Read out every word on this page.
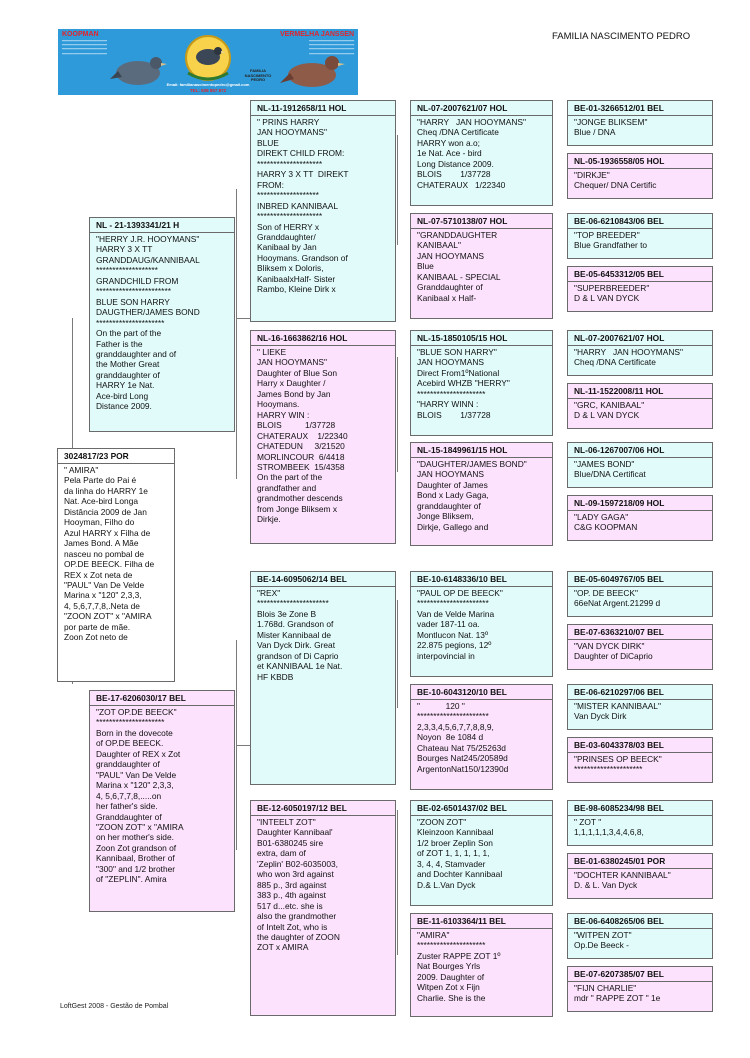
KOOPMAN
━━━━━━━━━━━━━━━━━━━━━━
━━━━━━━━━━━━━━━━━━━━━━
━━━━━━━━━━━━━━━━━━━━━━
━━━━━━━━━━━━━━━━━━━━━━
VERMELHA JANSSEN
━━━━━━━━━━━━━━━━━━━━━━
━━━━━━━━━━━━━━━━━━━━━━
━━━━━━━━━━━━━━━━━━━━━━
━━━━━━━━━━━━━━━━━━━━━━
FAMILIA
NASCIMENTO
PEDRO
Email: familianascimentopedro@gmail.com
TEL: 939 857 872
FAMILIA NASCIMENTO PEDRO
3024817/23 POR
" AMIRA"
Pela Parte do Pai é
da linha do HARRY 1e
Nat. Ace-bird Longa
Distância 2009 de Jan
Hooyman, Filho do
Azul HARRY x Filha de
James Bond. A Mãe
nasceu no pombal de
OP.DE BEECK. Filha de
REX x Zot neta de
"PAUL" Van De Velde
Marina x "120" 2,3,3,
4, 5,6,7,7,8,.Neta de
"ZOON ZOT" x "AMIRA
por parte de mãe.
Zoon Zot neto de
NL - 21-1393341/21 H
"HERRY J.R. HOOYMANS"
HARRY 3 X TT
GRANDDAUG/KANNIBAAL
*******************
GRANDCHILD FROM
***********************
BLUE SON HARRY
DAUGTHER/JAMES BOND
*********************
On the part of the
Father is the
granddaughter and of
the Mother Great
granddaughter of
HARRY 1e Nat.
Ace-bird Long
Distance 2009.
BE-17-6206030/17 BEL
"ZOT OP.DE BEECK"
*********************
Born in the dovecote
of OP.DE BEECK.
Daughter of REX x Zot
granddaughter of
"PAUL" Van De Velde
Marina x "120" 2,3,3,
4, 5,6,7,7,8,.....on
her father's side.
Granddaughter of
"ZOON ZOT" x "AMIRA
on her mother's side.
Zoon Zot grandson of
Kannibaal, Brother of
"300" and 1/2 brother
of "ZEPLIN". Amira
NL-11-1912658/11 HOL
" PRINS HARRY
JAN HOOYMANS"
BLUE
DIREKT CHILD FROM:
********************
HARRY 3 X TT  DIREKT
FROM:
*******************
INBRED KANNIBAAL
********************
Son of HERRY x
Granddaughter/
Kanibaal by Jan
Hooymans. Grandson of
Bliksem x Doloris,
KanibaalxHalf- Sister
Rambo, Kleine Dirk x
NL-16-1663862/16 HOL
" LIEKE
JAN HOOYMANS"
Daughter of Blue Son
Harry x Daughter /
James Bond by Jan
Hooymans.
HARRY WIN :
BLOIS          1/37728
CHATERAUX    1/22340
CHATEDUN     3/21520
MORLINCOUR  6/4418
STROMBEEK  15/4358
On the part of the
grandfather and
grandmother descends
from Jonge Bliksem x
Dirkje.
BE-14-6095062/14 BEL
"REX"
**********************
Blois 3e Zone B
1.768d. Grandson of
Mister Kannibaal de
Van Dyck Dirk. Great
grandson of Di Caprio
et KANNIBAAL 1e Nat.
HF KBDB
BE-12-6050197/12 BEL
"INTEELT ZOT"
Daughter Kannibaal'
B01-6380245 sire
extra, dam of
'Zeplin' B02-6035003,
who won 3rd against
885 p., 3rd against
383 p., 4th against
517 d...etc. she is
also the grandmother
of Intelt Zot, who is
the daughter of ZOON
ZOT x AMIRA
NL-07-2007621/07 HOL
"HARRY   JAN HOOYMANS"
Cheq /DNA Certificate
HARRY won a.o;
1e Nat. Ace - bird
Long Distance 2009.
BLOIS        1/37728
CHATERAUX   1/22340
NL-07-5710138/07 HOL
"GRANDDAUGHTER
KANIBAAL"
JAN HOOYMANS
Blue
KANIBAAL - SPECIAL
Granddaughter of
Kanibaal x Half-
NL-15-1850105/15 HOL
"BLUE SON HARRY"
JAN HOOYMANS
Direct From1ºNational
Acebird WHZB "HERRY"
*********************
"HARRY WINN :
BLOIS        1/37728
NL-15-1849961/15 HOL
"DAUGHTER/JAMES BOND"
JAN HOOYMANS
Daughter of James
Bond x Lady Gaga,
granddaughter of
Jonge Bliksem,
Dirkje, Gallego and
BE-10-6148336/10 BEL
"PAUL OP DE BEECK"
**********************
Van de Velde Marina
vader 187-11 oa.
Montlucon Nat. 13º
22.875 pegions, 12º
interpovincial in
BE-10-6043120/10 BEL
"           120 "
**********************
2,3,3,4,5,6,7,7,8,8,9,
Noyon  8e 1084 d
Chateau Nat 75/25263d
Bourges Nat245/20589d
ArgentonNat150/12390d
BE-02-6501437/02 BEL
"ZOON ZOT"
Kleinzoon Kannibaal
1/2 broer Zeplin Son
of ZOT 1, 1, 1, 1, 1,
3, 4, 4, Stamvader
and Dochter Kannibaal
D.& L.Van Dyck
BE-11-6103364/11 BEL
"AMIRA"
*********************
Zuster RAPPE ZOT 1º
Nat Bourges Yrls
2009. Daughter of
Witpen Zot x Fijn
Charlie. She is the
BE-01-3266512/01 BEL
"JONGE BLIKSEM"
Blue / DNA
NL-05-1936558/05 HOL
"DIRKJE"
Chequer/ DNA Certific
BE-06-6210843/06 BEL
"TOP BREEDER"
Blue Grandfather to
BE-05-6453312/05 BEL
"SUPERBREEDER"
D & L VAN DYCK
NL-07-2007621/07 HOL
"HARRY   JAN HOOYMANS"
Cheq /DNA Certificate
NL-11-1522008/11 HOL
"GRC, KANIBAAL"
D & L VAN DYCK
NL-06-1267007/06 HOL
"JAMES BOND"
Blue/DNA Certificat
NL-09-1597218/09 HOL
"LADY GAGA"
C&G KOOPMAN
BE-05-6049767/05 BEL
"OP. DE BEECK"
66eNat Argent.21299 d
BE-07-6363210/07 BEL
"VAN DYCK DIRK"
Daughter of DiCaprio
BE-06-6210297/06 BEL
"MISTER KANNIBAAL"
Van Dyck Dirk
BE-03-6043378/03 BEL
"PRINSES OP BEECK"
*********************
BE-98-6085234/98 BEL
" ZOT "
1,1,1,1,1,3,4,4,6,8,
BE-01-6380245/01 POR
"DOCHTER KANNIBAAL"
D. & L. Van Dyck
BE-06-6408265/06 BEL
"WITPEN ZOT"
Op.De Beeck -
BE-07-6207385/07 BEL
"FIJN CHARLIE"
mdr " RAPPE ZOT " 1e
LoftGest 2008 - Gestão de Pombal
